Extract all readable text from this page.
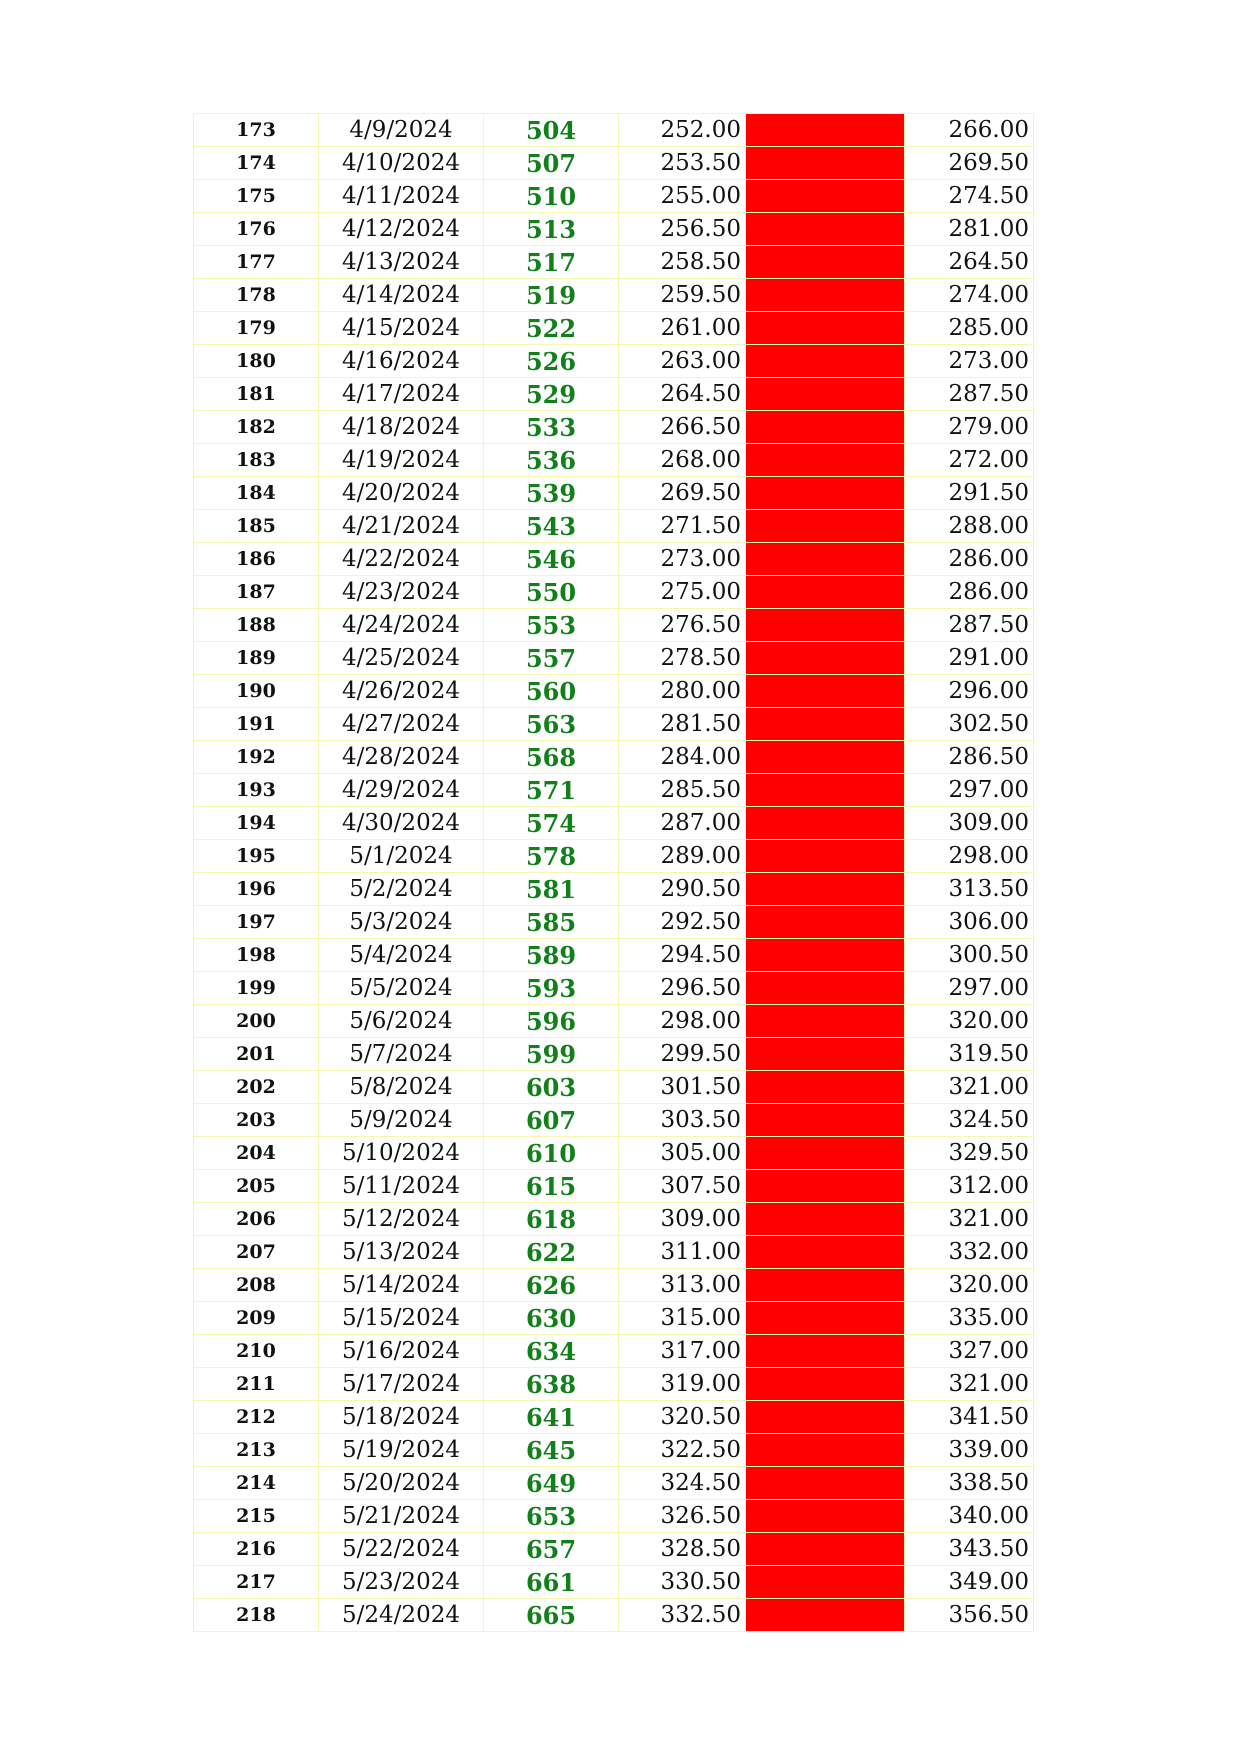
173	4/9/2024	504	252.00		266.00
174	4/10/2024	507	253.50		269.50
175	4/11/2024	510	255.00		274.50
176	4/12/2024	513	256.50		281.00
177	4/13/2024	517	258.50		264.50
178	4/14/2024	519	259.50		274.00
179	4/15/2024	522	261.00		285.00
180	4/16/2024	526	263.00		273.00
181	4/17/2024	529	264.50		287.50
182	4/18/2024	533	266.50		279.00
183	4/19/2024	536	268.00		272.00
184	4/20/2024	539	269.50		291.50
185	4/21/2024	543	271.50		288.00
186	4/22/2024	546	273.00		286.00
187	4/23/2024	550	275.00		286.00
188	4/24/2024	553	276.50		287.50
189	4/25/2024	557	278.50		291.00
190	4/26/2024	560	280.00		296.00
191	4/27/2024	563	281.50		302.50
192	4/28/2024	568	284.00		286.50
193	4/29/2024	571	285.50		297.00
194	4/30/2024	574	287.00		309.00
195	5/1/2024	578	289.00		298.00
196	5/2/2024	581	290.50		313.50
197	5/3/2024	585	292.50		306.00
198	5/4/2024	589	294.50		300.50
199	5/5/2024	593	296.50		297.00
200	5/6/2024	596	298.00		320.00
201	5/7/2024	599	299.50		319.50
202	5/8/2024	603	301.50		321.00
203	5/9/2024	607	303.50		324.50
204	5/10/2024	610	305.00		329.50
205	5/11/2024	615	307.50		312.00
206	5/12/2024	618	309.00		321.00
207	5/13/2024	622	311.00		332.00
208	5/14/2024	626	313.00		320.00
209	5/15/2024	630	315.00		335.00
210	5/16/2024	634	317.00		327.00
211	5/17/2024	638	319.00		321.00
212	5/18/2024	641	320.50		341.50
213	5/19/2024	645	322.50		339.00
214	5/20/2024	649	324.50		338.50
215	5/21/2024	653	326.50		340.00
216	5/22/2024	657	328.50		343.50
217	5/23/2024	661	330.50		349.00
218	5/24/2024	665	332.50		356.50
